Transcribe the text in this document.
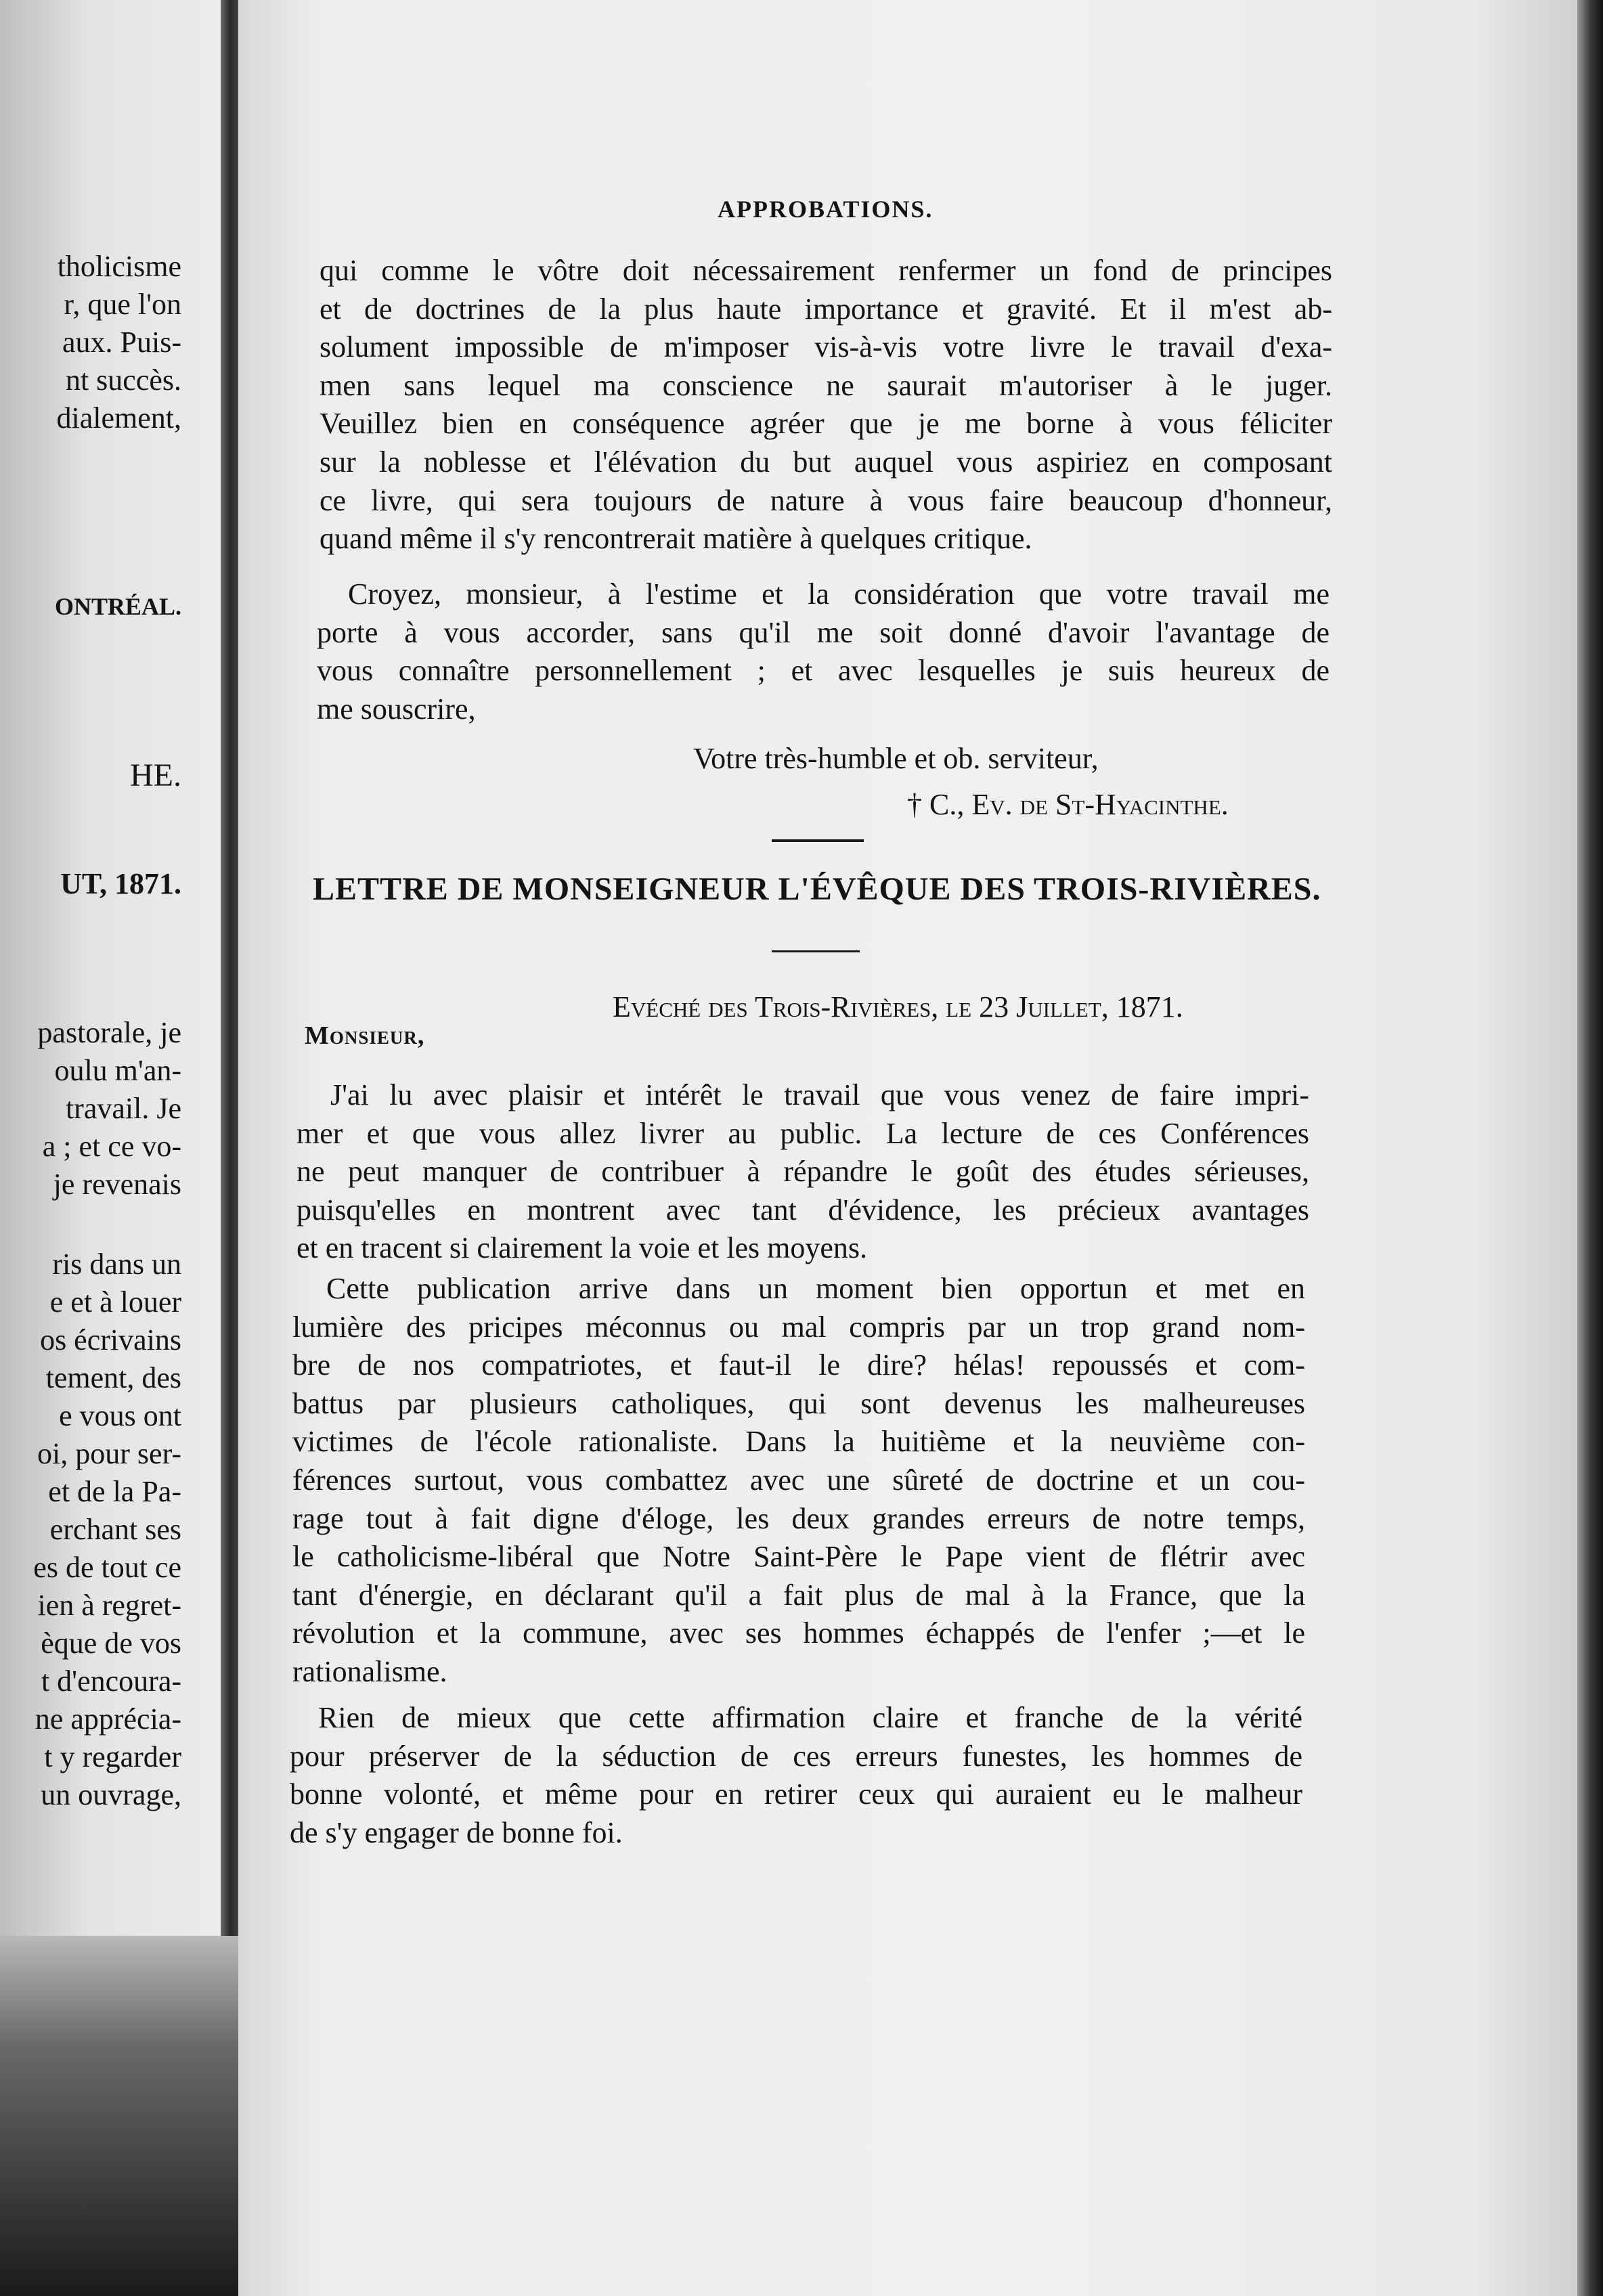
tholicisme
r, que l'on
aux. Puis-
nt succès.
dialement,
ONTRÉAL.
HE.
UT, 1871.
pastorale, je
oulu m'an-
travail. Je
a ; et ce vo-
je revenais
ris dans un
e et à louer
os écrivains
tement, des
e vous ont
oi, pour ser-
et de la Pa-
erchant ses
es de tout ce
ien à regret-
èque de vos
t d'encoura-
ne apprécia-
t y regarder
un ouvrage,
APPROBATIONS.
qui comme le vôtre doit nécessairement renfermer un fond de principes
et de doctrines de la plus haute importance et gravité. Et il m'est ab-
solument impossible de m'imposer vis-à-vis votre livre le travail d'exa-
men sans lequel ma conscience ne saurait m'autoriser à le juger.
Veuillez bien en conséquence agréer que je me borne à vous féliciter
sur la noblesse et l'élévation du but auquel vous aspiriez en composant
ce livre, qui sera toujours de nature à vous faire beaucoup d'honneur,
quand même il s'y rencontrerait matière à quelques critique.
Croyez, monsieur, à l'estime et la considération que votre travail me
porte à vous accorder, sans qu'il me soit donné d'avoir l'avantage de
vous connaître personnellement ; et avec lesquelles je suis heureux de
me souscrire,
Votre très-humble et ob. serviteur,
† C., Ev. de St-Hyacinthe.
LETTRE DE MONSEIGNEUR L'ÉVÊQUE DES TROIS-RIVIÈRES.
Evéché des Trois-Rivières, le 23 Juillet, 1871.
Monsieur,
J'ai lu avec plaisir et intérêt le travail que vous venez de faire impri-
mer et que vous allez livrer au public. La lecture de ces Conférences
ne peut manquer de contribuer à répandre le goût des études sérieuses,
puisqu'elles en montrent avec tant d'évidence, les précieux avantages
et en tracent si clairement la voie et les moyens.
Cette publication arrive dans un moment bien opportun et met en
lumière des pricipes méconnus ou mal compris par un trop grand nom-
bre de nos compatriotes, et faut-il le dire? hélas! repoussés et com-
battus par plusieurs catholiques, qui sont devenus les malheureuses
victimes de l'école rationaliste. Dans la huitième et la neuvième con-
férences surtout, vous combattez avec une sûreté de doctrine et un cou-
rage tout à fait digne d'éloge, les deux grandes erreurs de notre temps,
le catholicisme-libéral que Notre Saint-Père le Pape vient de flétrir avec
tant d'énergie, en déclarant qu'il a fait plus de mal à la France, que la
révolution et la commune, avec ses hommes échappés de l'enfer ;—et le
rationalisme.
Rien de mieux que cette affirmation claire et franche de la vérité
pour préserver de la séduction de ces erreurs funestes, les hommes de
bonne volonté, et même pour en retirer ceux qui auraient eu le malheur
de s'y engager de bonne foi.
